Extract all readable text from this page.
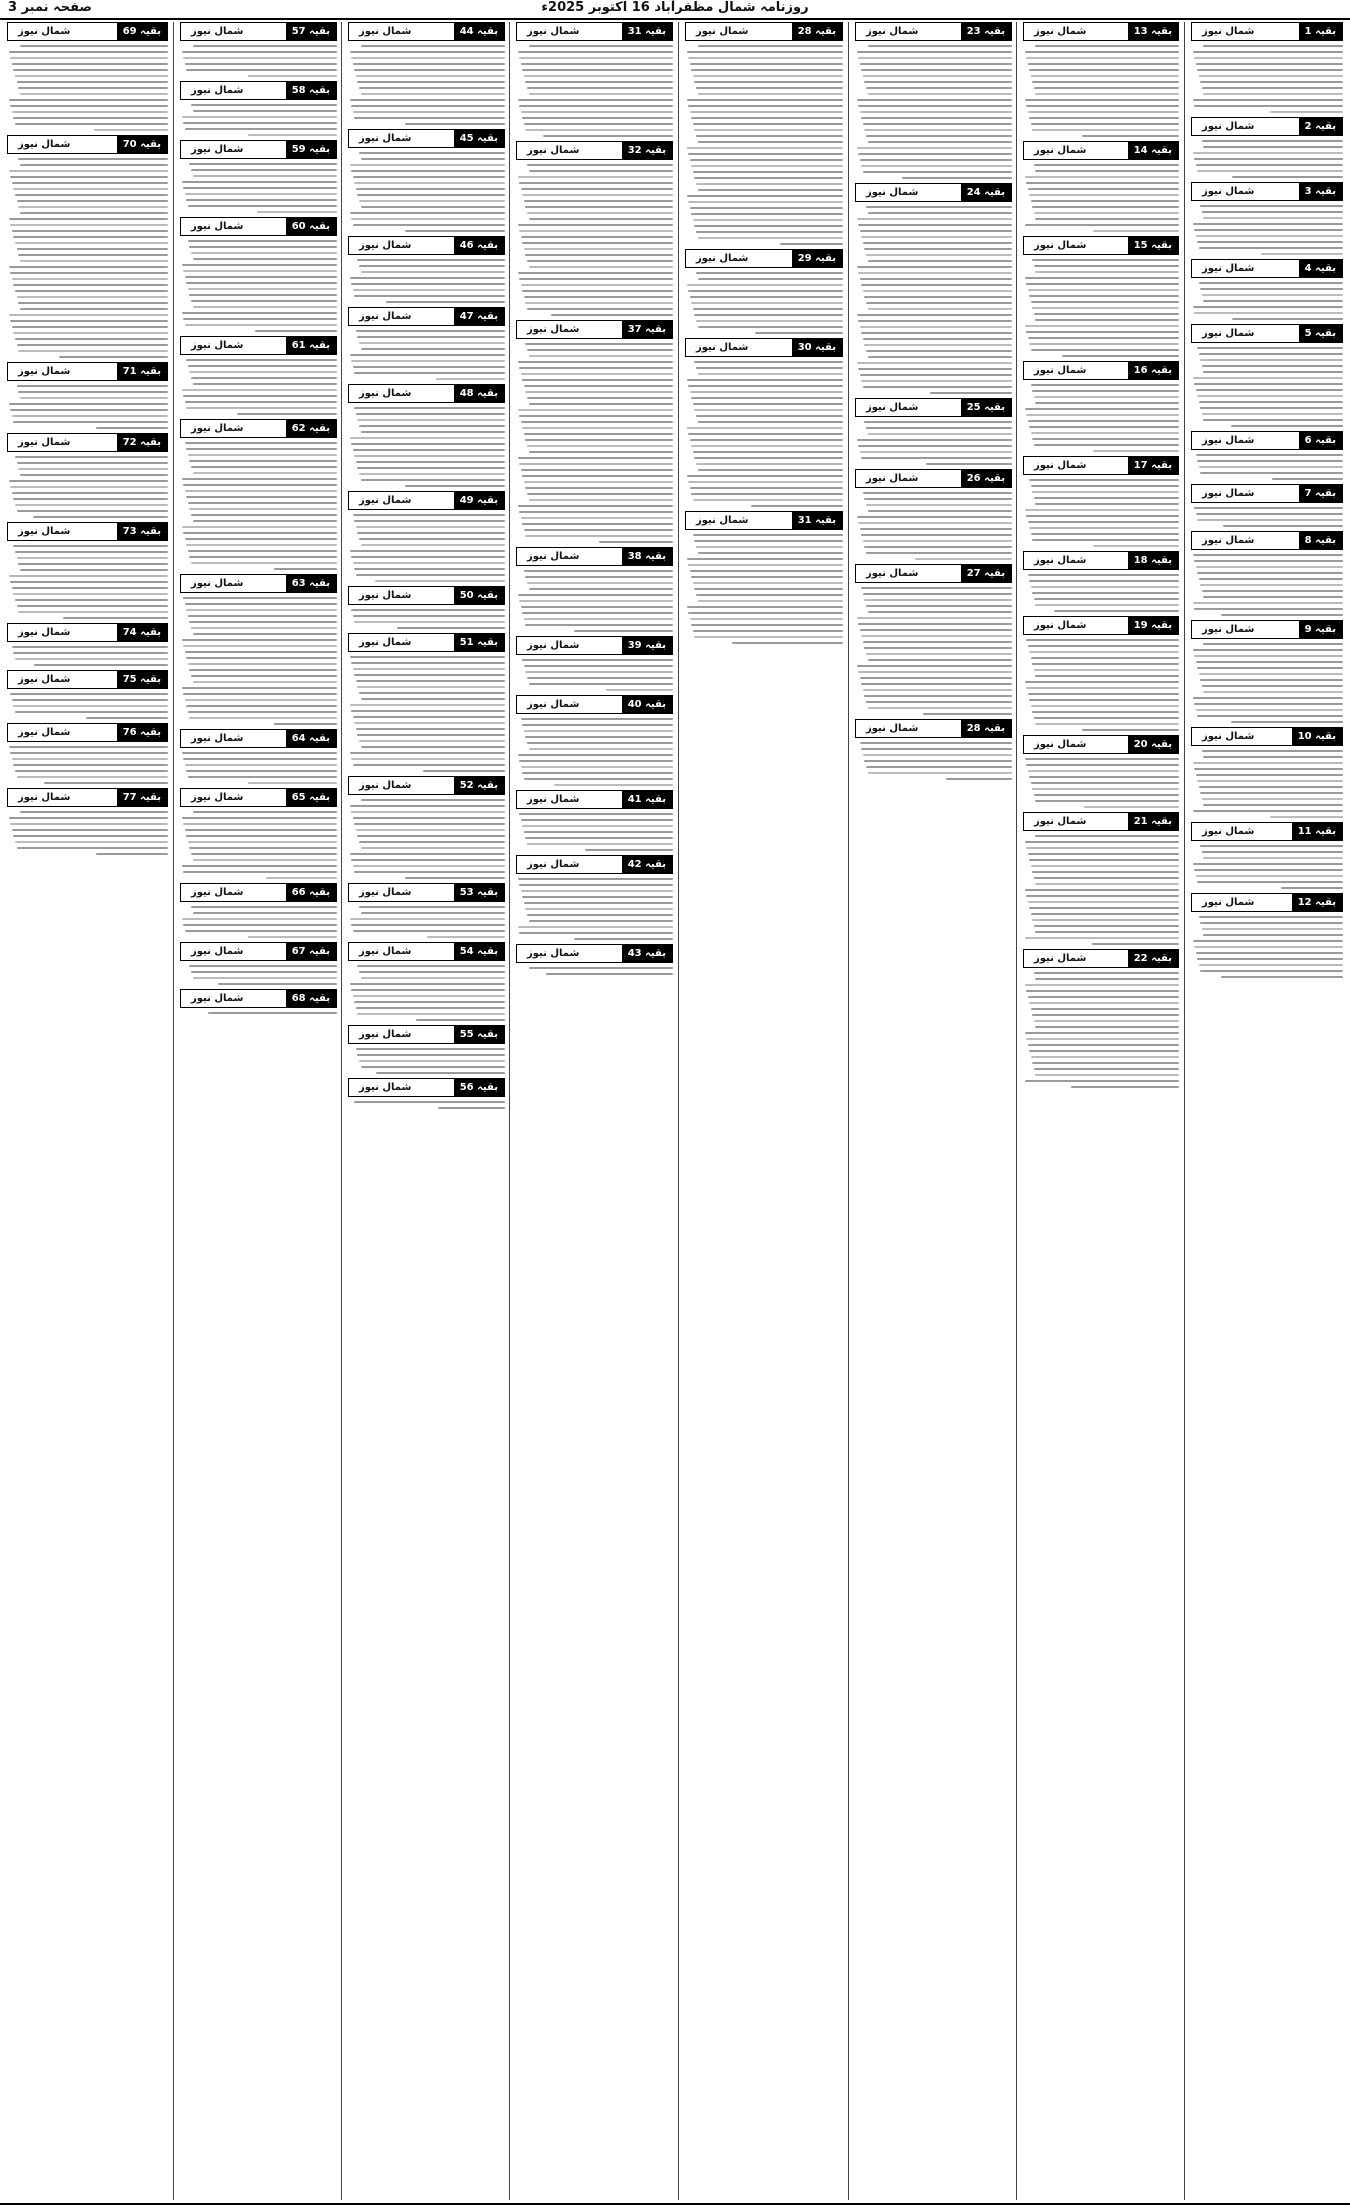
صفحہ نمبر 3	روزنامہ شمال مظفرآباد 16 اکتوبر 2025ء
بقیہ 1
شمال نیوز
بقیہ 2
شمال نیوز
بقیہ 3
شمال نیوز
بقیہ 4
شمال نیوز
بقیہ 5
شمال نیوز
بقیہ 6
شمال نیوز
بقیہ 7
شمال نیوز
بقیہ 8
شمال نیوز
بقیہ 9
شمال نیوز
بقیہ 10
شمال نیوز
بقیہ 11
شمال نیوز
بقیہ 12
شمال نیوز
بقیہ 13
شمال نیوز
بقیہ 14
شمال نیوز
بقیہ 15
شمال نیوز
بقیہ 16
شمال نیوز
بقیہ 17
شمال نیوز
بقیہ 18
شمال نیوز
بقیہ 19
شمال نیوز
بقیہ 20
شمال نیوز
بقیہ 21
شمال نیوز
بقیہ 22
شمال نیوز
بقیہ 23
شمال نیوز
بقیہ 24
شمال نیوز
بقیہ 25
شمال نیوز
بقیہ 26
شمال نیوز
بقیہ 27
شمال نیوز
بقیہ 28
شمال نیوز
بقیہ 28
شمال نیوز
بقیہ 29
شمال نیوز
بقیہ 30
شمال نیوز
بقیہ 31
شمال نیوز
بقیہ 31
شمال نیوز
بقیہ 32
شمال نیوز
بقیہ 37
شمال نیوز
بقیہ 38
شمال نیوز
بقیہ 39
شمال نیوز
بقیہ 40
شمال نیوز
بقیہ 41
شمال نیوز
بقیہ 42
شمال نیوز
بقیہ 43
شمال نیوز
بقیہ 44
شمال نیوز
بقیہ 45
شمال نیوز
بقیہ 46
شمال نیوز
بقیہ 47
شمال نیوز
بقیہ 48
شمال نیوز
بقیہ 49
شمال نیوز
بقیہ 50
شمال نیوز
بقیہ 51
شمال نیوز
بقیہ 52
شمال نیوز
بقیہ 53
شمال نیوز
بقیہ 54
شمال نیوز
بقیہ 55
شمال نیوز
بقیہ 56
شمال نیوز
بقیہ 57
شمال نیوز
بقیہ 58
شمال نیوز
بقیہ 59
شمال نیوز
بقیہ 60
شمال نیوز
بقیہ 61
شمال نیوز
بقیہ 62
شمال نیوز
بقیہ 63
شمال نیوز
بقیہ 64
شمال نیوز
بقیہ 65
شمال نیوز
بقیہ 66
شمال نیوز
بقیہ 67
شمال نیوز
بقیہ 68
شمال نیوز
بقیہ 69
شمال نیوز
بقیہ 70
شمال نیوز
بقیہ 71
شمال نیوز
بقیہ 72
شمال نیوز
بقیہ 73
شمال نیوز
بقیہ 74
شمال نیوز
بقیہ 75
شمال نیوز
بقیہ 76
شمال نیوز
بقیہ 77
شمال نیوز
